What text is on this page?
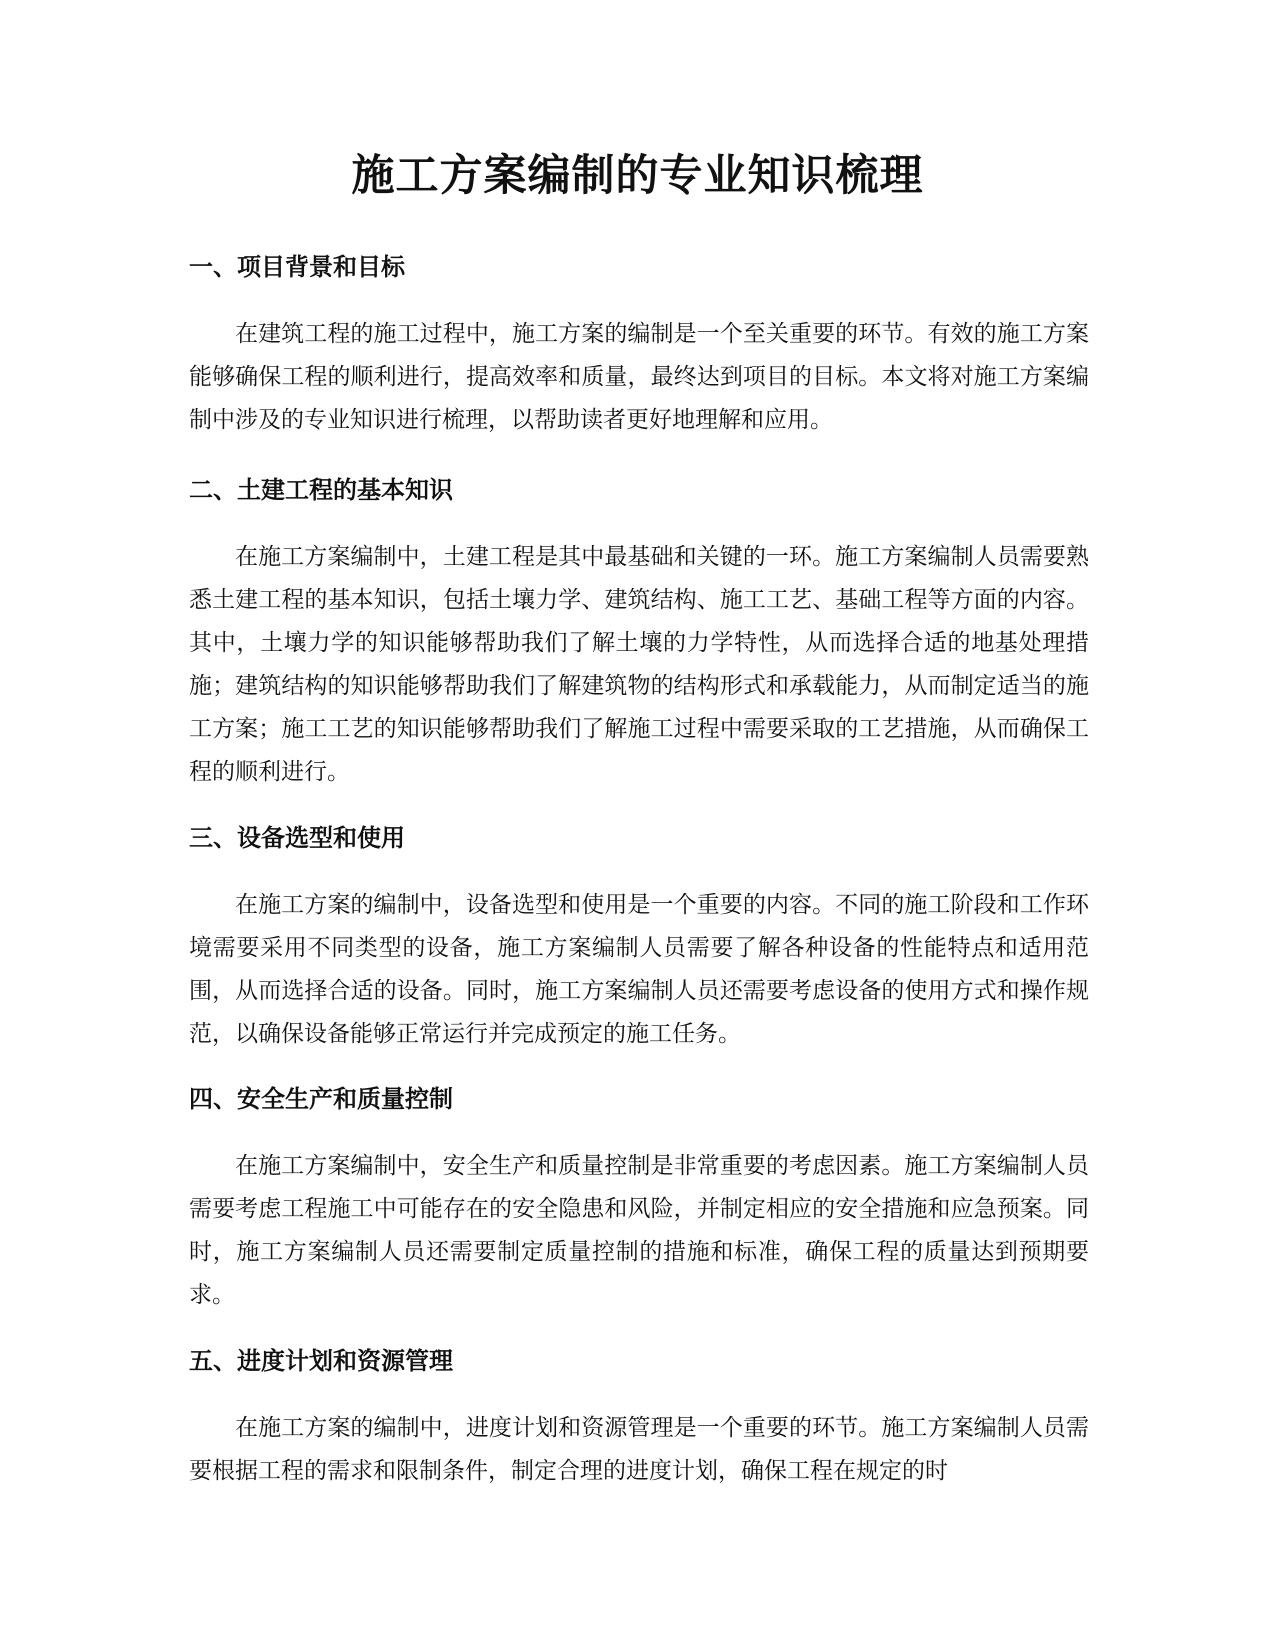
施工方案编制的专业知识梳理
一、项目背景和目标

在建筑工程的施工过程中，施工方案的编制是一个至关重要的环节。有效的施工方案能够确保工程的顺利进行，提高效率和质量，最终达到项目的目标。本文将对施工方案编制中涉及的专业知识进行梳理，以帮助读者更好地理解和应用。

二、土建工程的基本知识

在施工方案编制中，土建工程是其中最基础和关键的一环。施工方案编制人员需要熟悉土建工程的基本知识，包括土壤力学、建筑结构、施工工艺、基础工程等方面的内容。其中，土壤力学的知识能够帮助我们了解土壤的力学特性，从而选择合适的地基处理措施；建筑结构的知识能够帮助我们了解建筑物的结构形式和承载能力，从而制定适当的施工方案；施工工艺的知识能够帮助我们了解施工过程中需要采取的工艺措施，从而确保工程的顺利进行。

三、设备选型和使用

在施工方案的编制中，设备选型和使用是一个重要的内容。不同的施工阶段和工作环境需要采用不同类型的设备，施工方案编制人员需要了解各种设备的性能特点和适用范围，从而选择合适的设备。同时，施工方案编制人员还需要考虑设备的使用方式和操作规范，以确保设备能够正常运行并完成预定的施工任务。

四、安全生产和质量控制

在施工方案编制中，安全生产和质量控制是非常重要的考虑因素。施工方案编制人员需要考虑工程施工中可能存在的安全隐患和风险，并制定相应的安全措施和应急预案。同时，施工方案编制人员还需要制定质量控制的措施和标准，确保工程的质量达到预期要求。

五、进度计划和资源管理

在施工方案的编制中，进度计划和资源管理是一个重要的环节。施工方案编制人员需要根据工程的需求和限制条件，制定合理的进度计划，确保工程在规定的时
